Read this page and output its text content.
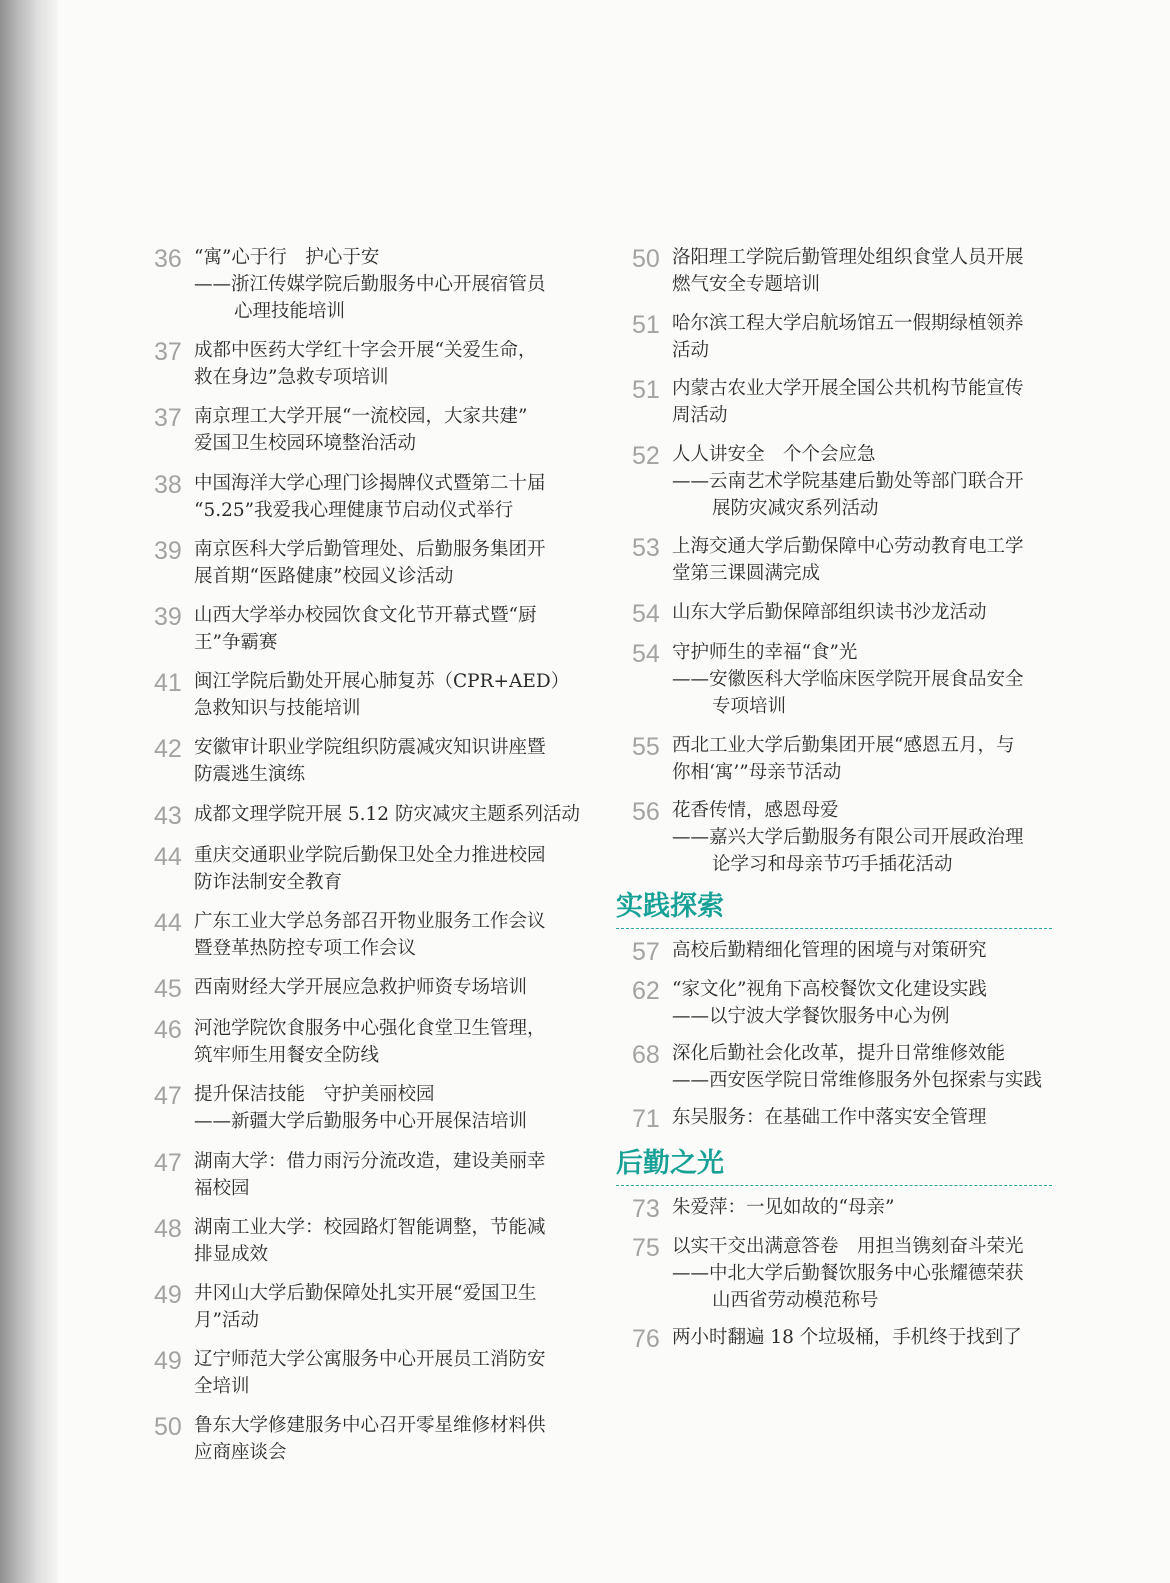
36 “寓”心于行　护心于安
——浙江传媒学院后勤服务中心开展宿管员
心理技能培训
37 成都中医药大学红十字会开展“关爱生命，
救在身边”急救专项培训
37 南京理工大学开展“一流校园，大家共建”
爱国卫生校园环境整治活动
38 中国海洋大学心理门诊揭牌仪式暨第二十届
“5.25”我爱我心理健康节启动仪式举行
39 南京医科大学后勤管理处、后勤服务集团开
展首期“医路健康”校园义诊活动
39 山西大学举办校园饮食文化节开幕式暨“厨
王”争霸赛
41 闽江学院后勤处开展心肺复苏（CPR+AED）
急救知识与技能培训
42 安徽审计职业学院组织防震减灾知识讲座暨
防震逃生演练
43 成都文理学院开展 5.12 防灾减灾主题系列活动
44 重庆交通职业学院后勤保卫处全力推进校园
防诈法制安全教育
44 广东工业大学总务部召开物业服务工作会议
暨登革热防控专项工作会议
45 西南财经大学开展应急救护师资专场培训
46 河池学院饮食服务中心强化食堂卫生管理，
筑牢师生用餐安全防线
47 提升保洁技能　守护美丽校园
——新疆大学后勤服务中心开展保洁培训
47 湖南大学：借力雨污分流改造，建设美丽幸
福校园
48 湖南工业大学：校园路灯智能调整，节能减
排显成效
49 井冈山大学后勤保障处扎实开展“爱国卫生
月”活动
49 辽宁师范大学公寓服务中心开展员工消防安
全培训
50 鲁东大学修建服务中心召开零星维修材料供
应商座谈会
50 洛阳理工学院后勤管理处组织食堂人员开展
燃气安全专题培训
51 哈尔滨工程大学启航场馆五一假期绿植领养
活动
51 内蒙古农业大学开展全国公共机构节能宣传
周活动
52 人人讲安全　个个会应急
——云南艺术学院基建后勤处等部门联合开
展防灾减灾系列活动
53 上海交通大学后勤保障中心劳动教育电工学
堂第三课圆满完成
54 山东大学后勤保障部组织读书沙龙活动
54 守护师生的幸福“食”光
——安徽医科大学临床医学院开展食品安全
专项培训
55 西北工业大学后勤集团开展“感恩五月，与
你相‘寓’”母亲节活动
56 花香传情，感恩母爱
——嘉兴大学后勤服务有限公司开展政治理
论学习和母亲节巧手插花活动
实践探索
57 高校后勤精细化管理的困境与对策研究
62 “家文化”视角下高校餐饮文化建设实践
——以宁波大学餐饮服务中心为例
68 深化后勤社会化改革，提升日常维修效能
——西安医学院日常维修服务外包探索与实践
71 东吴服务：在基础工作中落实安全管理
后勤之光
73 朱爱萍：一见如故的“母亲”
75 以实干交出满意答卷　用担当镌刻奋斗荣光
——中北大学后勤餐饮服务中心张耀德荣获
山西省劳动模范称号
76 两小时翻遍 18 个垃圾桶，手机终于找到了
